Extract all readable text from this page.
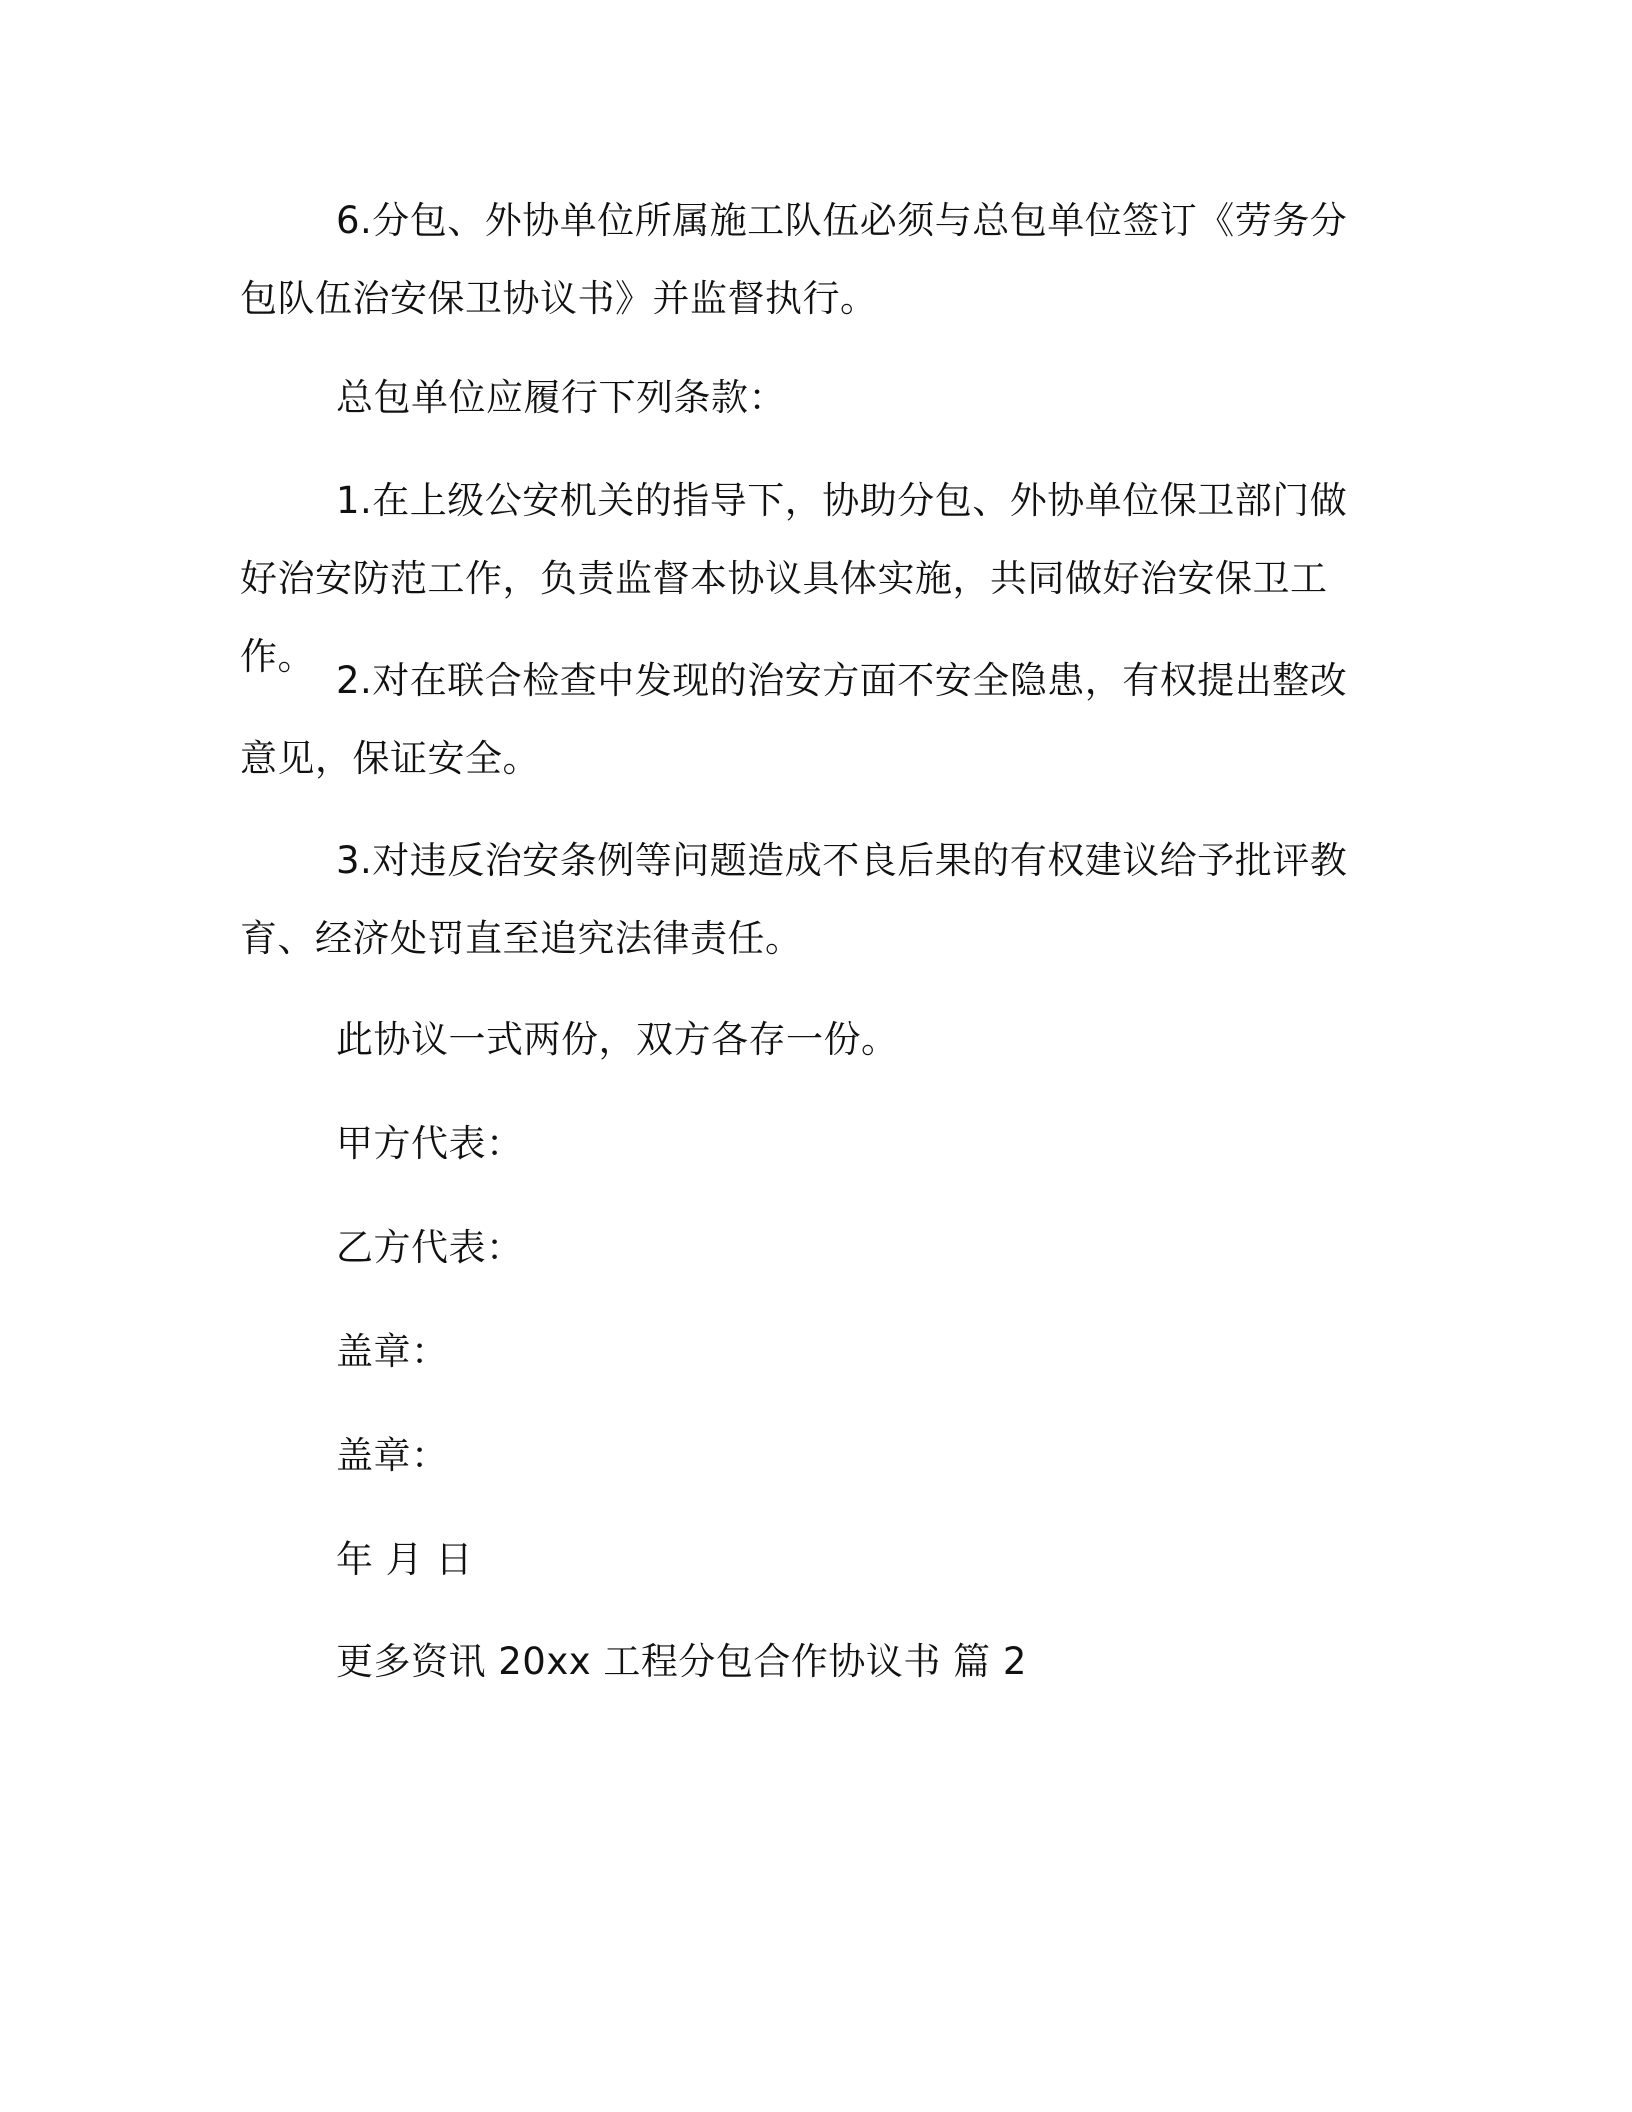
6.分包、外协单位所属施工队伍必须与总包单位签订《劳务分包队伍治安保卫协议书》并监督执行。

总包单位应履行下列条款：

1.在上级公安机关的指导下，协助分包、外协单位保卫部门做好治安防范工作，负责监督本协议具体实施，共同做好治安保卫工作。

2.对在联合检查中发现的治安方面不安全隐患，有权提出整改意见，保证安全。

3.对违反治安条例等问题造成不良后果的有权建议给予批评教育、经济处罚直至追究法律责任。

此协议一式两份，双方各存一份。

甲方代表：

乙方代表：

盖章：

盖章：

年 月 日

更多资讯 20xx 工程分包合作协议书 篇 2
